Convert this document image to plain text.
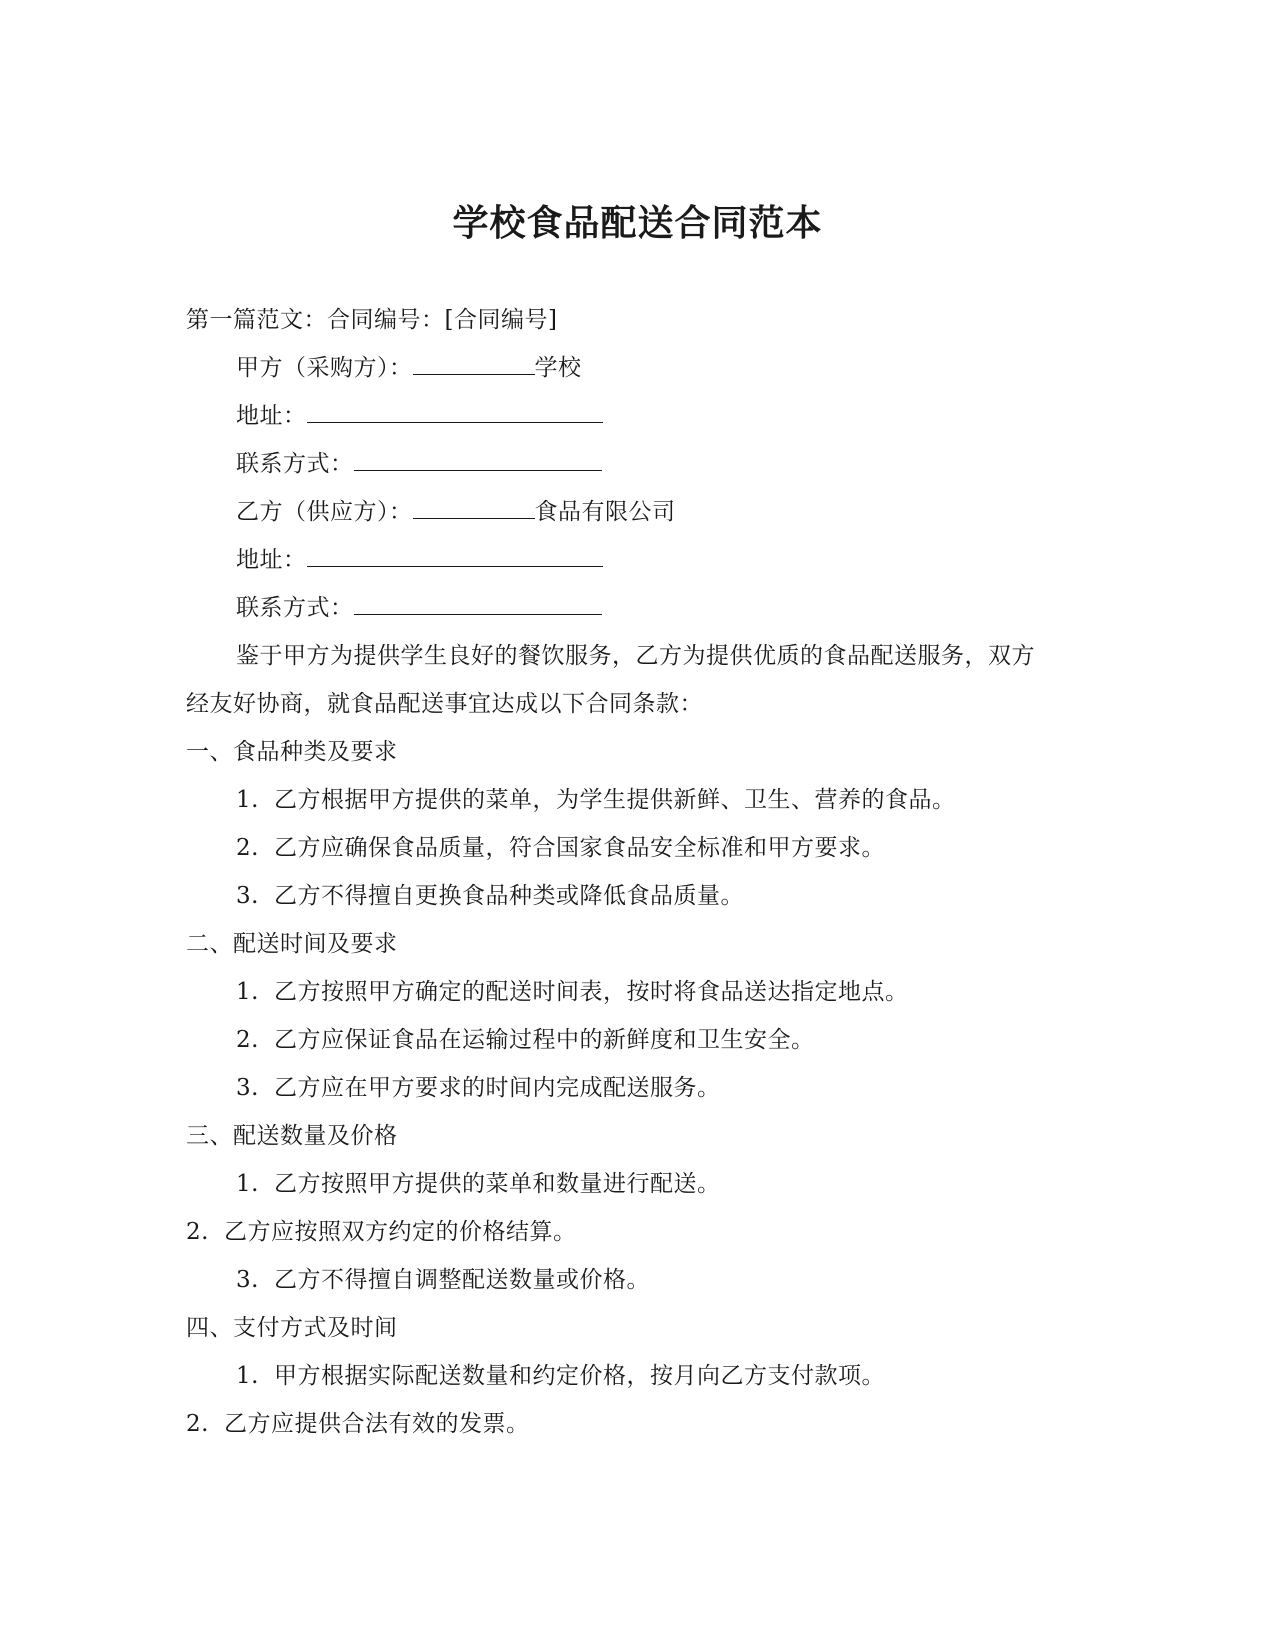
学校食品配送合同范本
第一篇范文：合同编号：[合同编号]
甲方（采购方）：	学校
地址：
联系方式：
乙方（供应方）：	食品有限公司
地址：
联系方式：
鉴于甲方为提供学生良好的餐饮服务，乙方为提供优质的食品配送服务，双方
经友好协商，就食品配送事宜达成以下合同条款：
一、食品种类及要求
1. 乙方根据甲方提供的菜单，为学生提供新鲜、卫生、营养的食品。
2. 乙方应确保食品质量，符合国家食品安全标准和甲方要求。
3. 乙方不得擅自更换食品种类或降低食品质量。
二、配送时间及要求
1. 乙方按照甲方确定的配送时间表，按时将食品送达指定地点。
2. 乙方应保证食品在运输过程中的新鲜度和卫生安全。
3. 乙方应在甲方要求的时间内完成配送服务。
三、配送数量及价格
1. 乙方按照甲方提供的菜单和数量进行配送。
2. 乙方应按照双方约定的价格结算。
3. 乙方不得擅自调整配送数量或价格。
四、支付方式及时间
1. 甲方根据实际配送数量和约定价格，按月向乙方支付款项。
2. 乙方应提供合法有效的发票。
